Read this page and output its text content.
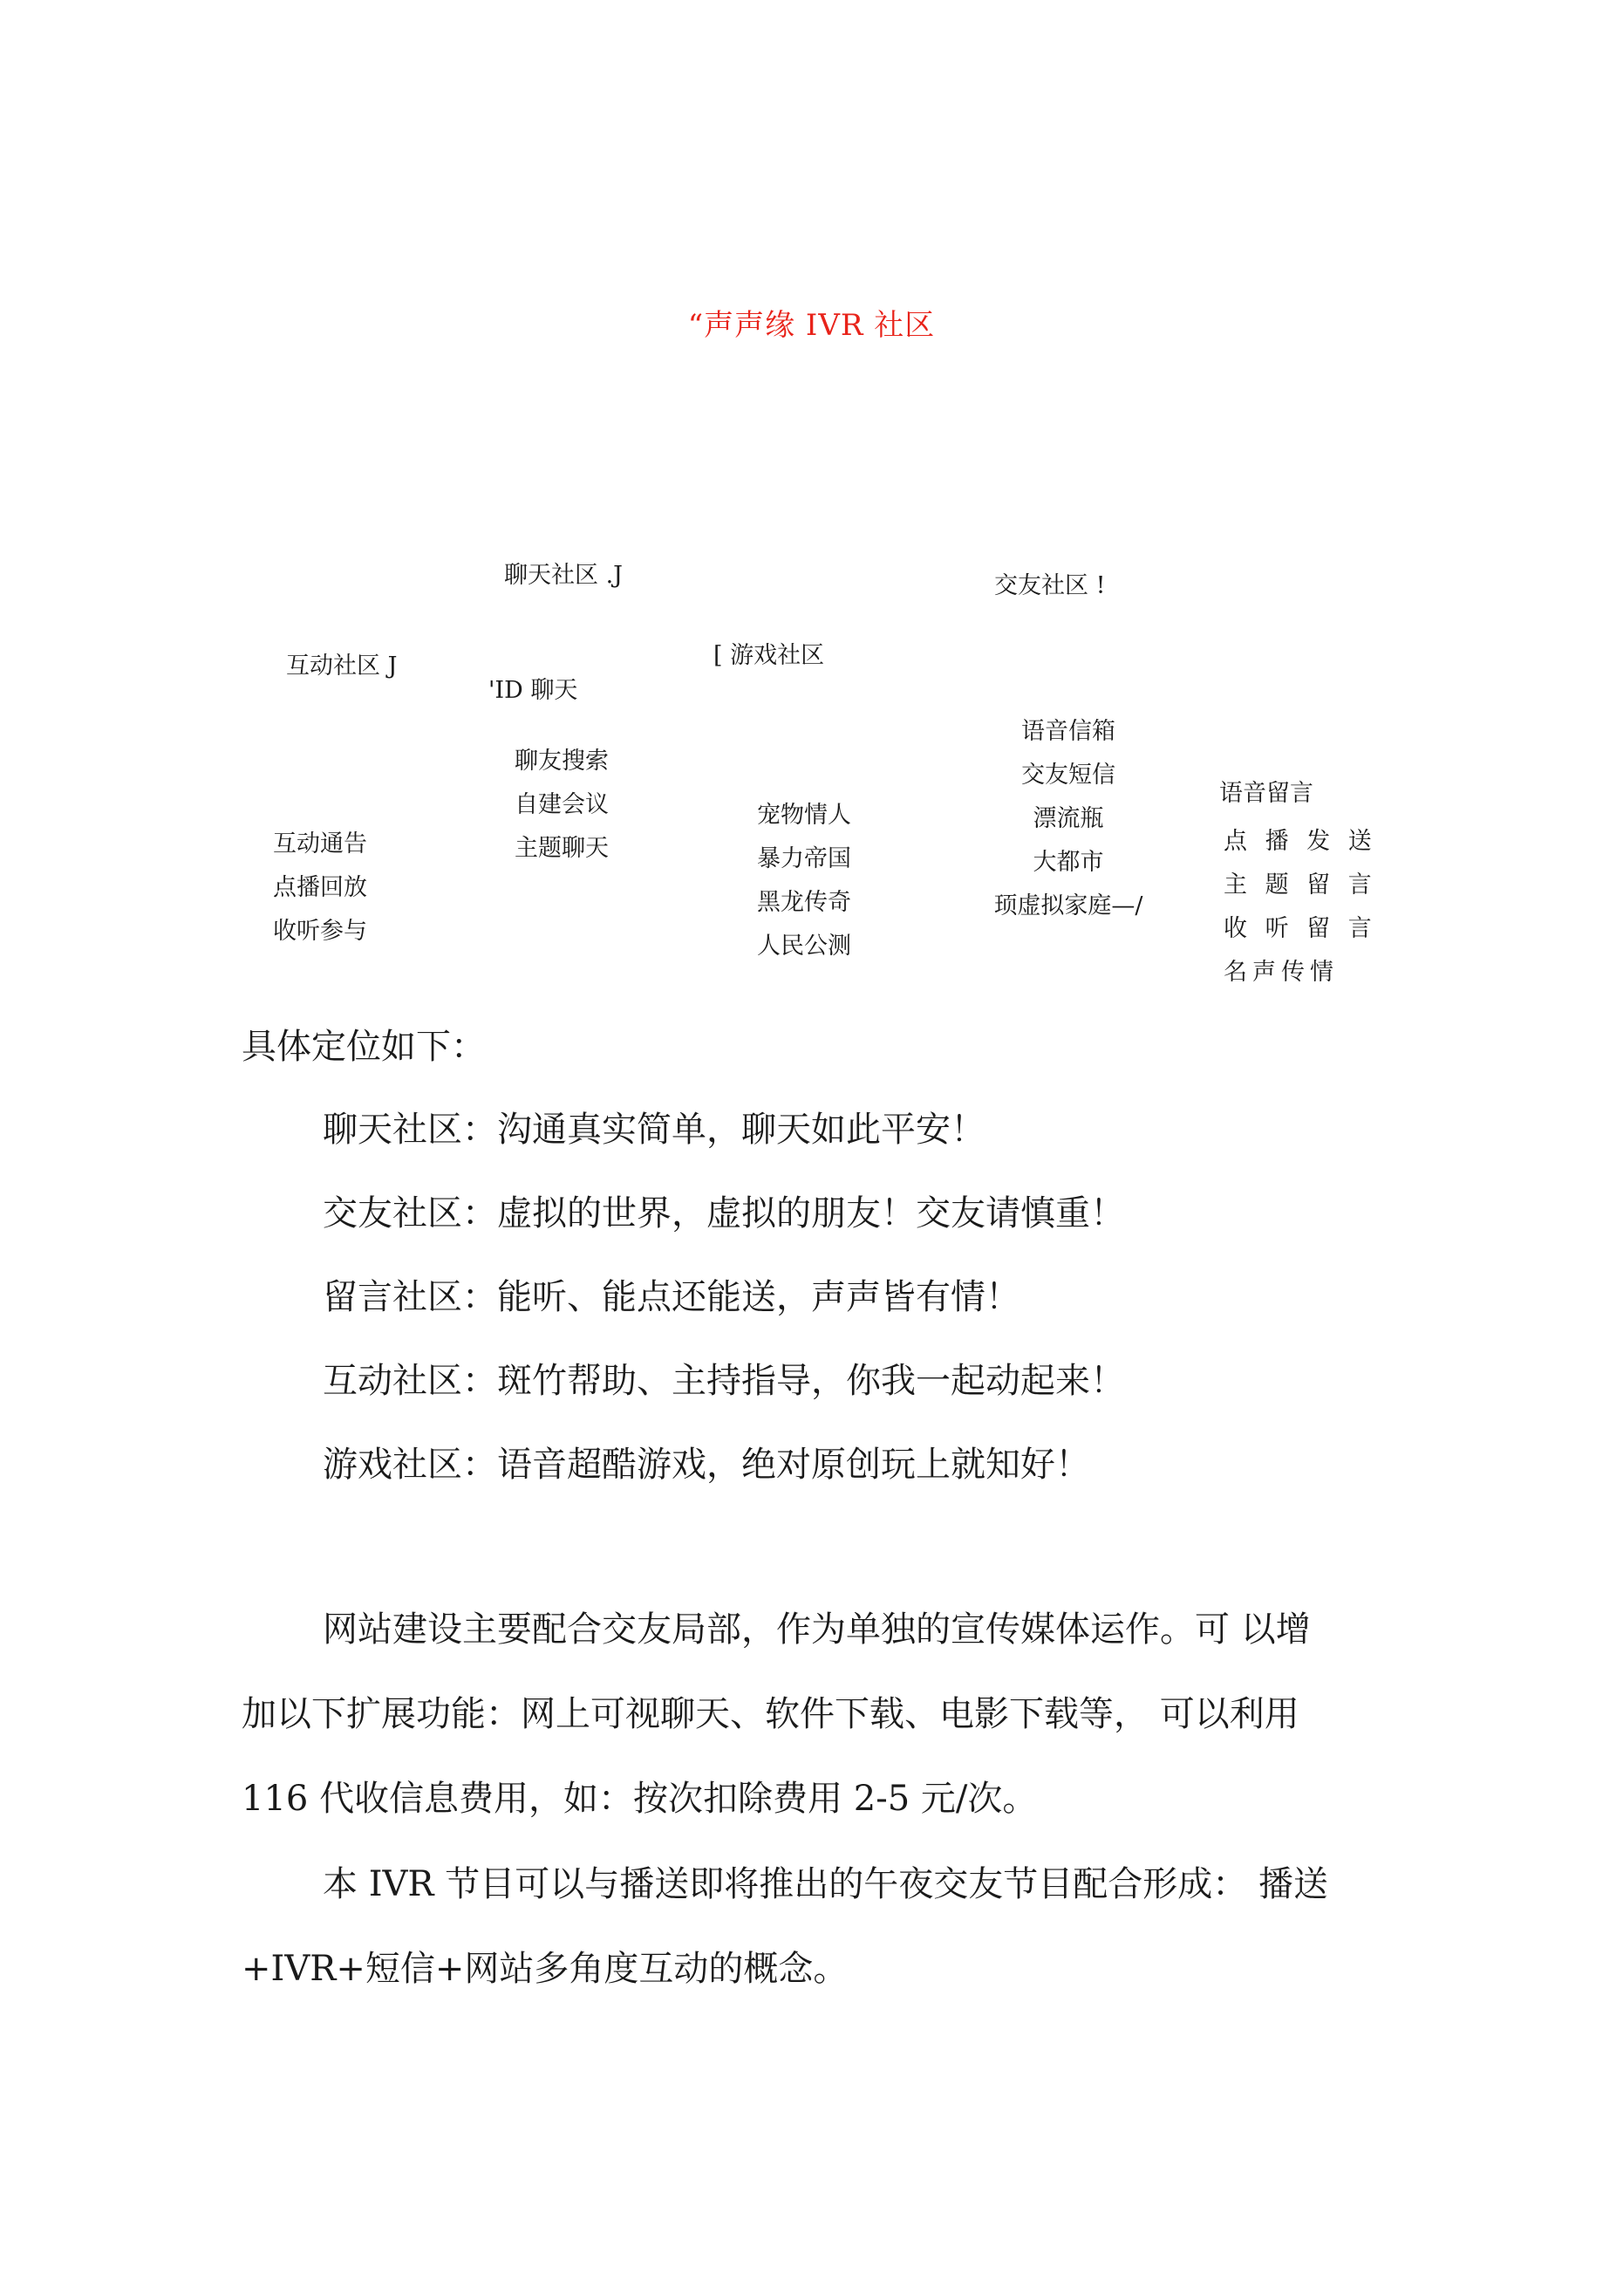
“声声缘 IVR 社区
聊天社区 .J
'ID 聊天
聊友搜索
自建会议
主题聊天
互动社区 J
互动通告
点播回放
收听参与
[ 游戏社区
宠物情人
暴力帝国
黑龙传奇
人民公测
交友社区 !
语音信箱
交友短信
漂流瓶
大都市
顼虚拟家庭—/
语音留言
点 播 发 送
主 题 留 言
收 听 留 言
名声传情
具体定位如下：
聊天社区：沟通真实简单，聊天如此平安！
交友社区：虚拟的世界，虚拟的朋友！交友请慎重！
留言社区：能听、能点还能送，声声皆有情！
互动社区：斑竹帮助、主持指导，你我一起动起来！
游戏社区：语音超酷游戏，绝对原创玩上就知好！
网站建设主要配合交友局部，作为单独的宣传媒体运作。可 以增
加以下扩展功能：网上可视聊天、软件下载、电影下载等， 可以利用
116 代收信息费用，如：按次扣除费用 2-5 元/次。
本 IVR 节目可以与播送即将推出的午夜交友节目配合形成： 播送
+IVR+短信+网站多角度互动的概念。
